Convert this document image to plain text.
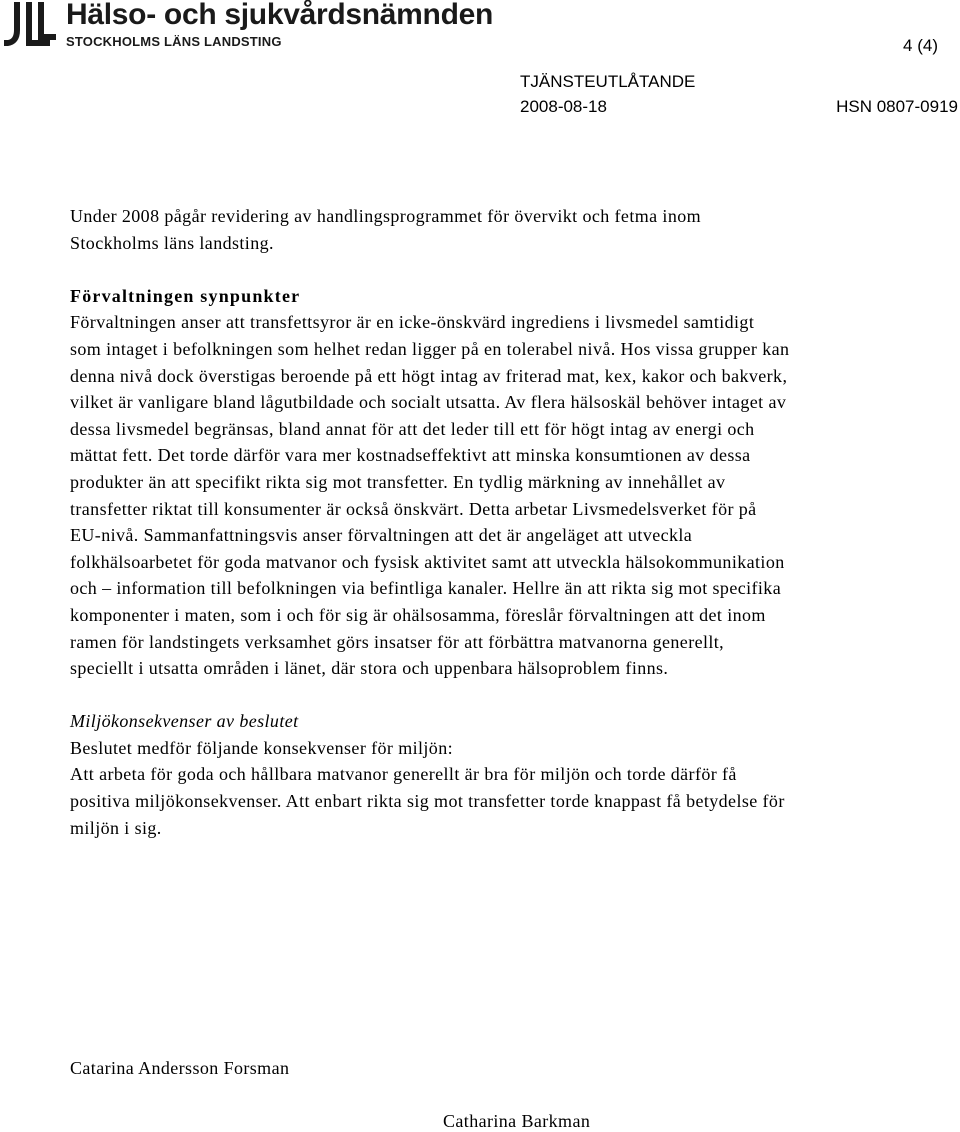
Hälso- och sjukvårdsnämnden
STOCKHOLMS LÄNS LANDSTING	4 (4)
TJÄNSTEUTLÅTANDE
2008-08-18	HSN 0807-0919

Under 2008 pågår revidering av handlingsprogrammet för övervikt och fetma inom Stockholms läns landsting.

Förvaltningen synpunkter

Förvaltningen anser att transfettsyror är en icke-önskvärd ingrediens i livsmedel samtidigt som intaget i befolkningen som helhet redan ligger på en tolerabel nivå. Hos vissa grupper kan denna nivå dock överstigas beroende på ett högt intag av friterad mat, kex, kakor och bakverk, vilket är vanligare bland lågutbildade och socialt utsatta. Av flera hälsoskäl behöver intaget av dessa livsmedel begränsas, bland annat för att det leder till ett för högt intag av energi och mättat fett. Det torde därför vara mer kostnadseffektivt att minska konsumtionen av dessa produkter än att specifikt rikta sig mot transfetter. En tydlig märkning av innehållet av transfetter riktat till konsumenter är också önskvärt. Detta arbetar Livsmedelsverket för på EU-nivå. Sammanfattningsvis anser förvaltningen att det är angeläget att utveckla folkhälsoarbetet för goda matvanor och fysisk aktivitet samt att utveckla hälsokommunikation och – information till befolkningen via befintliga kanaler. Hellre än att rikta sig mot specifika komponenter i maten, som i och för sig är ohälsosamma, föreslår förvaltningen att det inom ramen för landstingets verksamhet görs insatser för att förbättra matvanorna generellt, speciellt i utsatta områden i länet, där stora och uppenbara hälsoproblem finns.

Miljökonsekvenser av beslutet

Beslutet medför följande konsekvenser för miljön:

Att arbeta för goda och hållbara matvanor generellt är bra för miljön och torde därför få positiva miljökonsekvenser. Att enbart rikta sig mot transfetter torde knappast få betydelse för miljön i sig.

Catarina Andersson Forsman
Catharina Barkman
